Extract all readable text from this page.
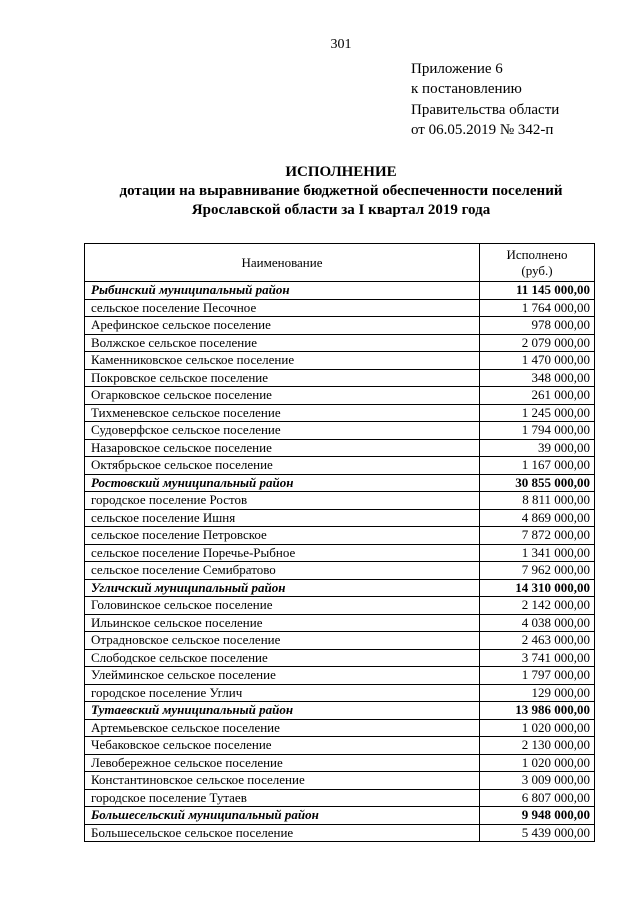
301
Приложение 6
к постановлению
Правительства области
от 06.05.2019 № 342-п
ИСПОЛНЕНИЕ
дотации на выравнивание бюджетной обеспеченности поселений
Ярославской области за I квартал 2019 года
Наименование	Исполнено
(руб.)

Рыбинский муниципальный район	11 145 000,00
сельское поселение Песочное	1 764 000,00
Арефинское сельское поселение	978 000,00
Волжское сельское поселение	2 079 000,00
Каменниковское сельское поселение	1 470 000,00
Покровское сельское поселение	348 000,00
Огарковское сельское поселение	261 000,00
Тихменевское сельское поселение	1 245 000,00
Судоверфское сельское поселение	1 794 000,00
Назаровское сельское поселение	39 000,00
Октябрьское сельское поселение	1 167 000,00
Ростовский муниципальный район	30 855 000,00
городское поселение Ростов	8 811 000,00
сельское поселение Ишня	4 869 000,00
сельское поселение Петровское	7 872 000,00
сельское поселение Поречье-Рыбное	1 341 000,00
сельское поселение Семибратово	7 962 000,00
Угличский муниципальный район	14 310 000,00
Головинское сельское поселение	2 142 000,00
Ильинское сельское поселение	4 038 000,00
Отрадновское сельское поселение	2 463 000,00
Слободское сельское поселение	3 741 000,00
Улейминское сельское поселение	1 797 000,00
городское поселение Углич	129 000,00
Тутаевский муниципальный район	13 986 000,00
Артемьевское сельское поселение	1 020 000,00
Чебаковское сельское поселение	2 130 000,00
Левобережное сельское поселение	1 020 000,00
Константиновское сельское поселение	3 009 000,00
городское поселение Тутаев	6 807 000,00
Большесельский муниципальный район	9 948 000,00
Большесельское сельское поселение	5 439 000,00
